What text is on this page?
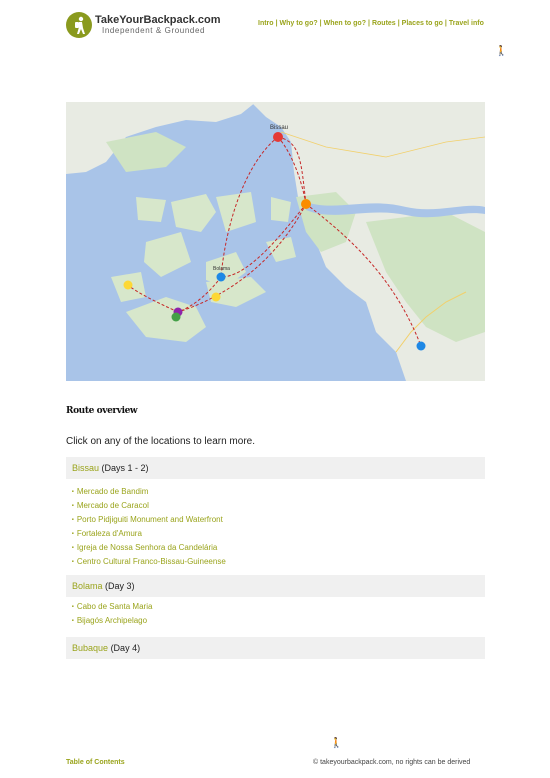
TakeYourBackpack.com
Independent & Grounded
Intro | Why to go? | When to go? | Routes | Places to go | Travel info
🚶
Bissau
Bolama
Route overview
Click on any of the locations to learn more.
Bissau (Days 1 - 2)
■ Mercado de Bandim
■ Mercado de Caracol
■ Porto Pidjiguiti Monument and Waterfront
■ Fortaleza d'Amura
■ Igreja de Nossa Senhora da Candelária
■ Centro Cultural Franco-Bissau-Guineense
Bolama (Day 3)
■ Cabo de Santa Maria
■ Bijagós Archipelago
Bubaque (Day 4)
🚶
Table of Contents	© takeyourbackpack.com, no rights can be derived
